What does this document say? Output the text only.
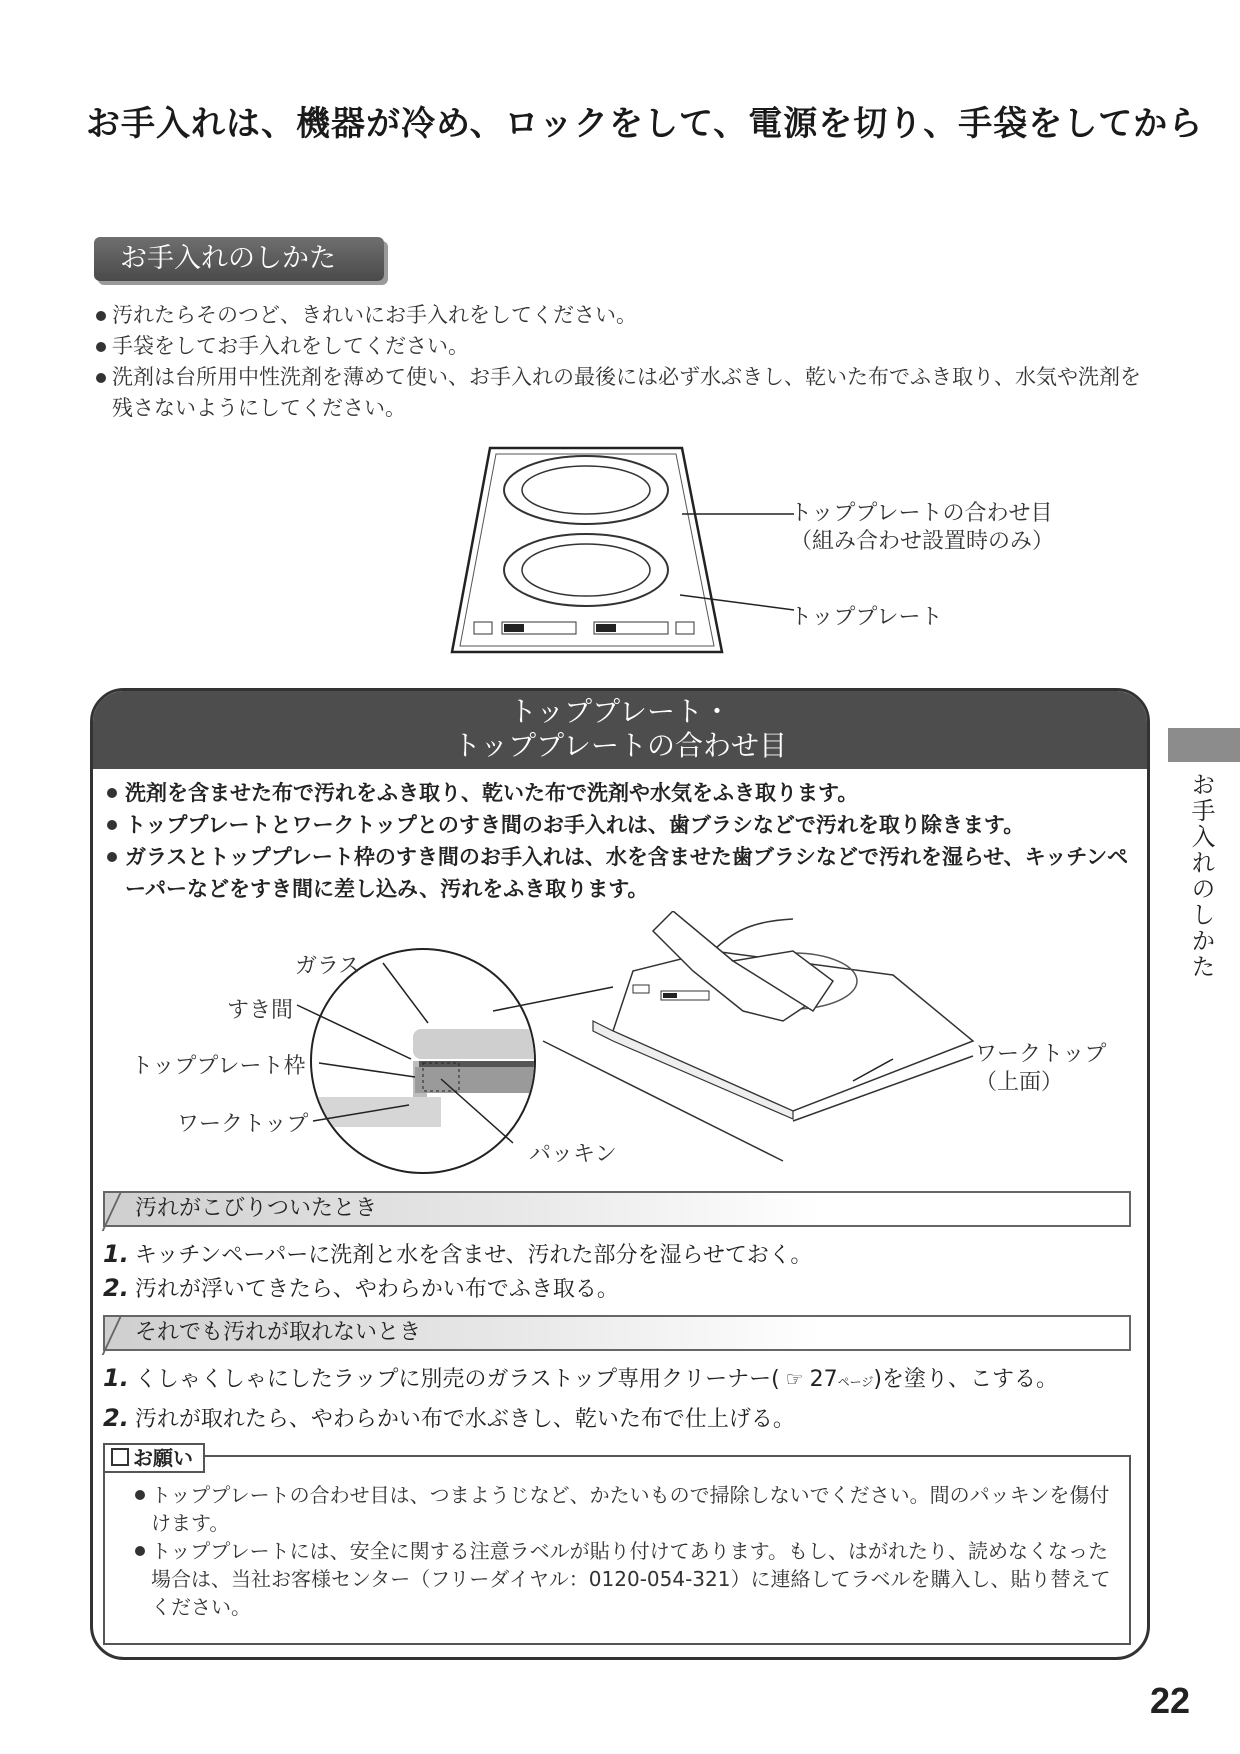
お手入れは、機器が冷め、ロックをして、電源を切り、手袋をしてから
お手入れのしかた
汚れたらそのつど、きれいにお手入れをしてください。
手袋をしてお手入れをしてください。
洗剤は台所用中性洗剤を薄めて使い、お手入れの最後には必ず水ぶきし、乾いた布でふき取り、水気や洗剤を残さないようにしてください。
トッププレートの合わせ目
（組み合わせ設置時のみ）
トッププレート
トッププレート・
トッププレートの合わせ目
洗剤を含ませた布で汚れをふき取り、乾いた布で洗剤や水気をふき取ります。
トッププレートとワークトップとのすき間のお手入れは、歯ブラシなどで汚れを取り除きます。
ガラスとトッププレート枠のすき間のお手入れは、水を含ませた歯ブラシなどで汚れを湿らせ、キッチンペーパーなどをすき間に差し込み、汚れをふき取ります。
ガラス
すき間
トッププレート枠
ワークトップ
パッキン
ワークトップ
（上面）
汚れがこびりついたとき
1. キッチンペーパーに洗剤と水を含ませ、汚れた部分を湿らせておく。
2. 汚れが浮いてきたら、やわらかい布でふき取る。
それでも汚れが取れないとき
1. くしゃくしゃにしたラップに別売のガラストップ専用クリーナー( ☞ 27ページ)を塗り、こする。
2. 汚れが取れたら、やわらかい布で水ぶきし、乾いた布で仕上げる。
お願い
トッププレートの合わせ目は、つまようじなど、かたいもので掃除しないでください。間のパッキンを傷付けます。
トッププレートには、安全に関する注意ラベルが貼り付けてあります。もし、はがれたり、読めなくなった場合は、当社お客様センター（フリーダイヤル：0120-054-321）に連絡してラベルを購入し、貼り替えてください。
お手入れのしかた
22
